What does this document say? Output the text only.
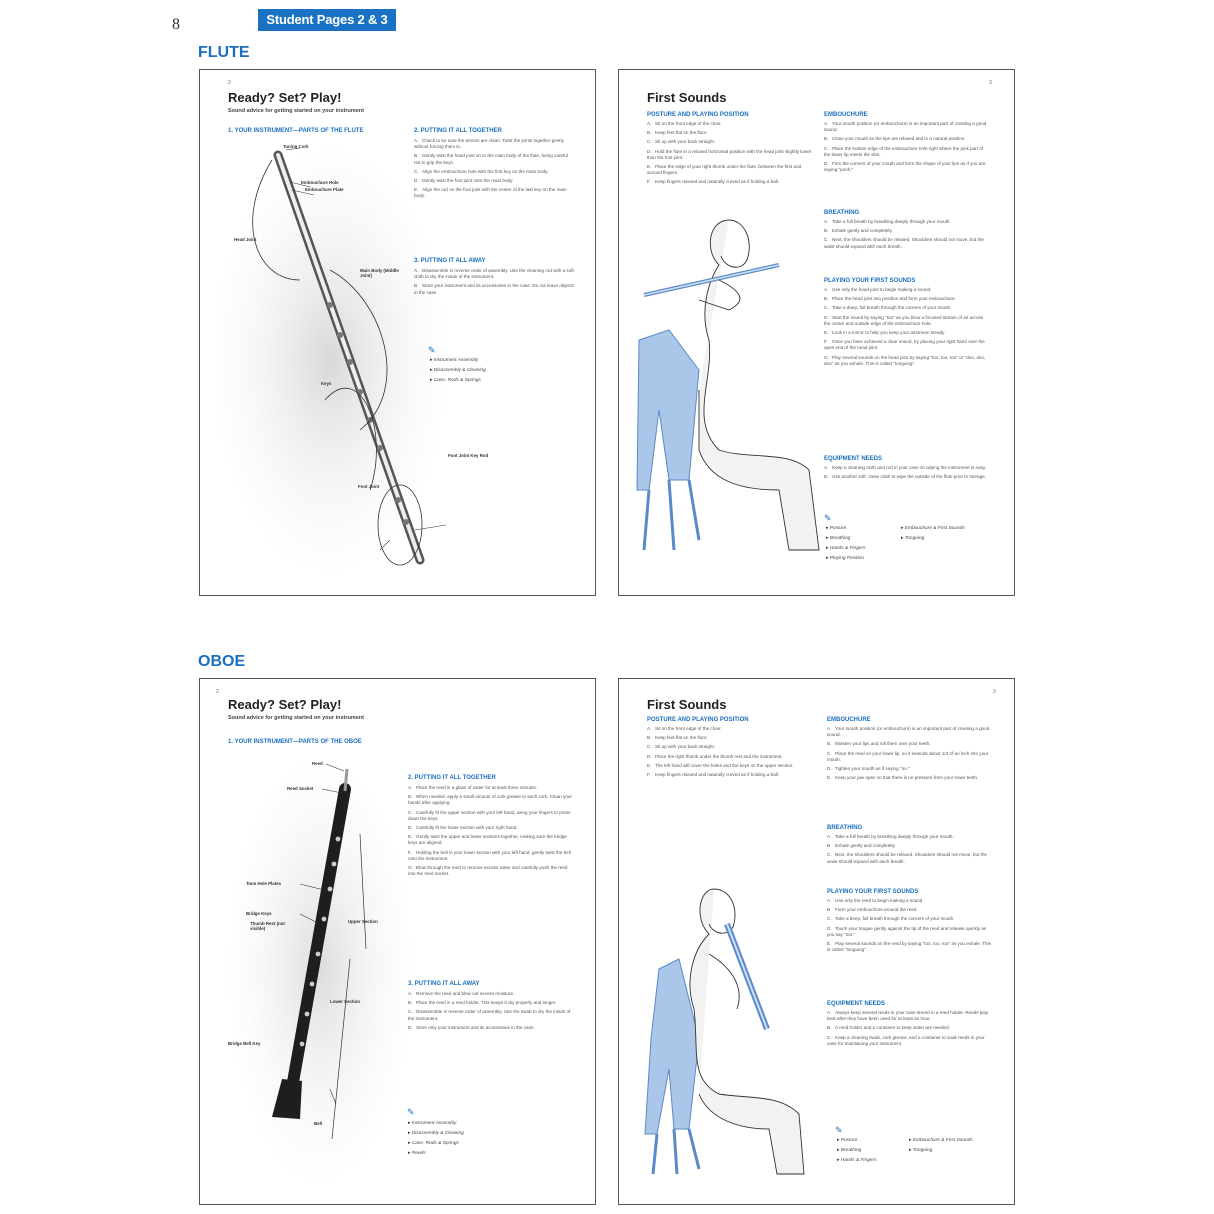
8	Student Pages 2 & 3
FLUTE
2
Ready? Set? Play!
Sound advice for getting started on your instrument
1. YOUR INSTRUMENT—PARTS OF THE FLUTE
Tuning Cork
Embouchure Hole
Embouchure Plate
Head Joint
Main Body (Middle Joint)
Keys
Foot Joint Key Rod
Foot Joint
2. PUTTING IT ALL TOGETHER
A. Check to be sure the tenons are clean. Twist the joints together gently without forcing them in.
B. Gently twist the head joint on to the main body of the flute, being careful not to grip the keys.
C. Align the embouchure hole with the first key on the main body.
D. Gently twist the foot joint onto the main body.
E. Align the rod on the foot joint with the center of the last key on the main body.
3. PUTTING IT ALL AWAY
A. Disassemble in reverse order of assembly. Use the cleaning rod with a soft cloth to dry the inside of the instrument.
B. Store your instrument and its accessories in the case. Do not leave objects in the case.
✎
▸ Instrument Assembly
▸ Disassembly & Cleaning
▸ Case, Rods & Springs
3
First Sounds
POSTURE AND PLAYING POSITION
A. Sit on the front edge of the chair.
B. Keep feet flat on the floor.
C. Sit up with your back straight.
D. Hold the flute in a relaxed horizontal position with the head joint slightly lower than the foot joint.
E. Place the edge of your right thumb under the flute, between the first and second fingers.
F. Keep fingers relaxed and naturally curved as if holding a ball.
EMBOUCHURE
A. Your mouth position (or embouchure) is an important part of creating a good sound.
B. Close your mouth so the lips are relaxed and in a natural position.
C. Place the bottom edge of the embouchure hole right where the pink part of the lower lip meets the skin.
D. Firm the corners of your mouth and form the shape of your lips as if you are saying "pooh."
BREATHING
A. Take a full breath by breathing deeply through your mouth.
B. Exhale gently and completely.
C. Next, the shoulders should be relaxed. Shoulders should not move, but the waist should expand with each breath.
PLAYING YOUR FIRST SOUNDS
A. Use only the head joint to begin making a sound.
B. Place the head joint into position and form your embouchure.
C. Take a deep, full breath through the corners of your mouth.
D. Start the sound by saying "too" as you blow a focused stream of air across the center and outside edge of the embouchure hole.
E. Look in a mirror to help you keep your airstream steady.
F. Once you have achieved a clear sound, try placing your right hand over the open end of the head joint.
G. Play several sounds on the head joint by saying "too, too, too" or "doo, doo, doo" as you exhale. This is called "tonguing".
EQUIPMENT NEEDS
A. Keep a cleaning cloth and rod in your case so wiping the instrument is easy.
B. Use another soft, clean cloth to wipe the outside of the flute prior to storage.
✎
▸ Posture
▸ Breathing
▸ Hands & Fingers
▸ Playing Position
▸ Embouchure & First Sounds
▸ Tonguing
OBOE
2
Ready? Set? Play!
Sound advice for getting started on your instrument
1. YOUR INSTRUMENT—PARTS OF THE OBOE
Reed
Reed Socket
Tone Hole Plates
Bridge Keys
Thumb Rest (not visible)
Upper Section
Lower Section
Bridge Bell Key
Bell
2. PUTTING IT ALL TOGETHER
A. Place the reed in a glass of water for at least three minutes.
B. When needed, apply a small amount of cork grease to each cork. Clean your hands after applying.
C. Carefully fit the upper section with your left hand, using your fingers to press down the keys.
D. Carefully fit the lower section with your right hand.
E. Gently twist the upper and lower sections together, making sure the bridge keys are aligned.
F. Holding the bell in your lower section with your left hand, gently twist the bell onto the instrument.
G. Blow through the reed to remove excess water and carefully push the reed into the reed socket.
3. PUTTING IT ALL AWAY
A. Remove the reed and blow out excess moisture.
B. Place the reed in a reed holder. This keeps it dry properly and longer.
C. Disassemble in reverse order of assembly. Use the swab to dry the inside of the instrument.
D. Store only your instrument and its accessories in the case.
✎
▸ Instrument Assembly
▸ Disassembly & Cleaning
▸ Case, Rods & Springs
▸ Reeds
3
First Sounds
POSTURE AND PLAYING POSITION
A. Sit on the front edge of the chair.
B. Keep feet flat on the floor.
C. Sit up with your back straight.
D. Place the right thumb under the thumb rest and the instrument.
E. The left hand will cover the holes and the keys on the upper section.
F. Keep fingers relaxed and naturally curved as if holding a ball.
EMBOUCHURE
A. Your mouth position (or embouchure) is an important part of creating a good sound.
B. Moisten your lips and roll them over your teeth.
C. Place the reed on your lower lip, so it extends about 1/3 of an inch into your mouth.
D. Tighten your mouth as if saying "oo."
E. Keep your jaw open so that there is no pressure from your lower teeth.
BREATHING
A. Take a full breath by breathing deeply through your mouth.
B. Exhale gently and completely.
C. Next, the shoulders should be relaxed. Shoulders should not move, but the waist should expand with each breath.
PLAYING YOUR FIRST SOUNDS
A. Use only the reed to begin making a sound.
B. Form your embouchure around the reed.
C. Take a deep, full breath through the corners of your mouth.
D. Touch your tongue gently against the tip of the reed and release quickly as you say "too."
E. Play several sounds on the reed by saying "too, too, too" as you exhale. This is called "tonguing".
EQUIPMENT NEEDS
A. Always keep several reeds in your case stored in a reed holder. Reeds play best after they have been used for at least an hour.
B. A reed holder and a container to keep water are needed.
C. Keep a cleaning swab, cork grease, and a container to soak reeds in your case for maintaining your instrument.
✎
▸ Posture
▸ Breathing
▸ Hands & Fingers
▸ Embouchure & First Sounds
▸ Tonguing
